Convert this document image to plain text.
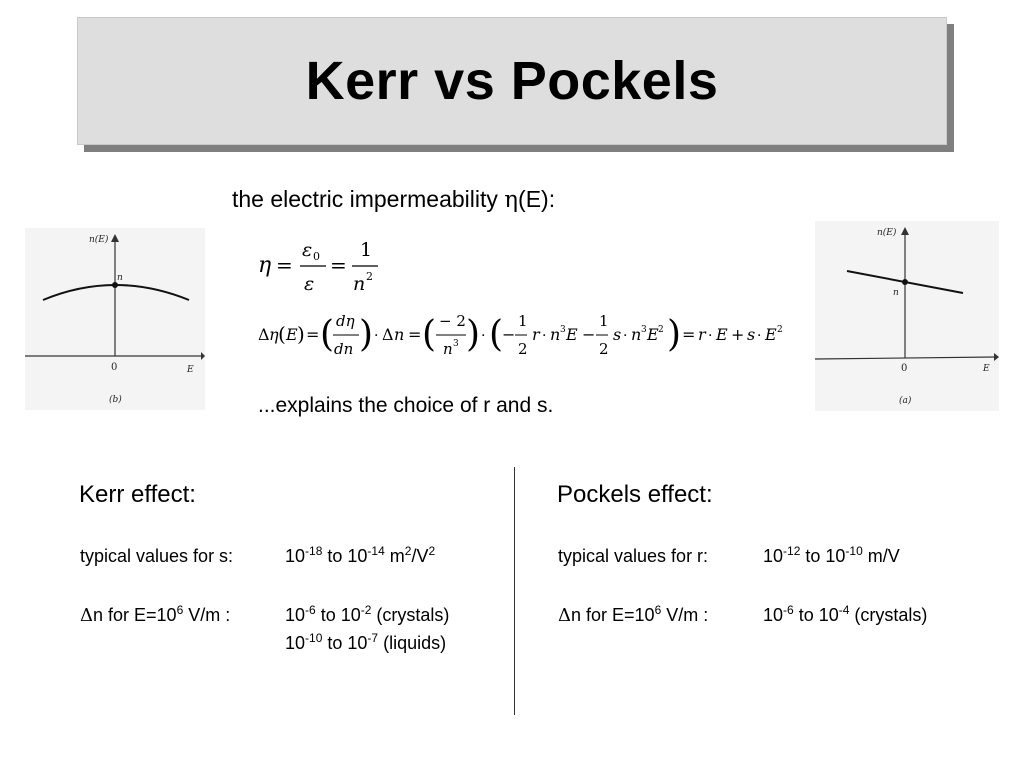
Kerr vs Pockels
the electric impermeability η(E):
n(E)
n
0	E
(b)
n(E)
n
0	E
(a)
η =
ε 0
ε
=
1
n 2
Δ η ( E ) = ( dη
dn ) · Δ n = ( − 2
n 3 ) · (
−
1
2
r · n 3 E −
1
2
s · n 3 E 2 ) = r · E + s · E 2
...explains the choice of r and s.
Kerr effect:
typical values for s:	$10^{-18}$ to $10^{-14}$ $m^2/V^2$
Δn for $E=10^6$ V/m :	$10^{-6}$ to $10^{-2}$ (crystals)
$10^{-10}$ to $10^{-7}$ (liquids)
Pockels effect:
typical values for r:	$10^{-12}$ to $10^{-10}$ m/V
Δn for $E=10^6$ V/m :	$10^{-6}$ to $10^{-4}$ (crystals)
